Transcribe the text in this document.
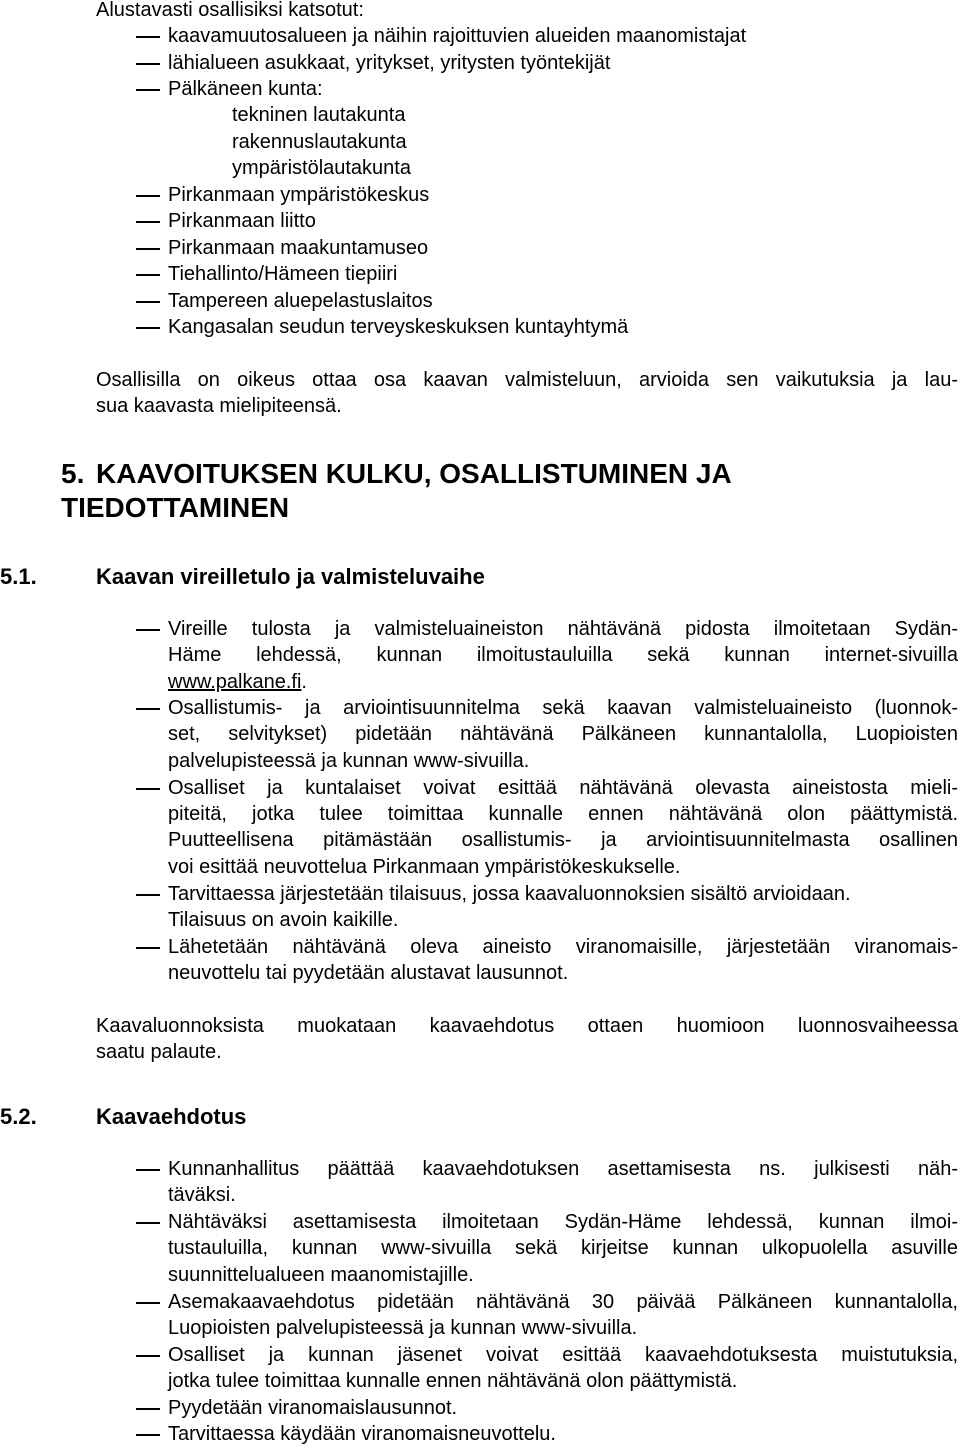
Alustavasti osallisiksi katsotut:
kaavamuutosalueen ja näihin rajoittuvien alueiden maanomistajat
lähialueen asukkaat, yritykset, yritysten työntekijät
Pälkäneen kunta:
tekninen lautakunta
rakennuslautakunta
ympäristölautakunta
Pirkanmaan ympäristökeskus
Pirkanmaan liitto
Pirkanmaan maakuntamuseo
Tiehallinto/Hämeen tiepiiri
Tampereen aluepelastuslaitos
Kangasalan seudun terveyskeskuksen kuntayhtymä
Osallisilla on oikeus ottaa osa kaavan valmisteluun, arvioida sen vaikutuksia ja lau-
sua kaavasta mielipiteensä.
5. KAAVOITUKSEN KULKU, OSALLISTUMINEN JA
TIEDOTTAMINEN
5.1.	Kaavan vireilletulo ja valmisteluvaihe
Vireille tulosta ja valmisteluaineiston nähtävänä pidosta ilmoitetaan Sydän-
Häme lehdessä, kunnan ilmoitustauluilla sekä kunnan internet-sivuilla
www.palkane.fi.
Osallistumis- ja arviointisuunnitelma sekä kaavan valmisteluaineisto (luonnok-
set, selvitykset) pidetään nähtävänä Pälkäneen kunnantalolla, Luopioisten
palvelupisteessä ja kunnan www-sivuilla.
Osalliset ja kuntalaiset voivat esittää nähtävänä olevasta aineistosta mieli-
piteitä, jotka tulee toimittaa kunnalle ennen nähtävänä olon päättymistä.
Puutteellisena pitämästään osallistumis- ja arviointisuunnitelmasta osallinen
voi esittää neuvottelua Pirkanmaan ympäristökeskukselle.
Tarvittaessa järjestetään tilaisuus, jossa kaavaluonnoksien sisältö arvioidaan.
Tilaisuus on avoin kaikille.
Lähetetään nähtävänä oleva aineisto viranomaisille, järjestetään viranomais-
neuvottelu tai pyydetään alustavat lausunnot.
Kaavaluonnoksista muokataan kaavaehdotus ottaen huomioon luonnosvaiheessa
saatu palaute.
5.2.	Kaavaehdotus
Kunnanhallitus päättää kaavaehdotuksen asettamisesta ns. julkisesti näh-
täväksi.
Nähtäväksi asettamisesta ilmoitetaan Sydän-Häme lehdessä, kunnan ilmoi-
tustauluilla, kunnan www-sivuilla sekä kirjeitse kunnan ulkopuolella asuville
suunnittelualueen maanomistajille.
Asemakaavaehdotus pidetään nähtävänä 30 päivää Pälkäneen kunnantalolla,
Luopioisten palvelupisteessä ja kunnan www-sivuilla.
Osalliset ja kunnan jäsenet voivat esittää kaavaehdotuksesta muistutuksia,
jotka tulee toimittaa kunnalle ennen nähtävänä olon päättymistä.
Pyydetään viranomaislausunnot.
Tarvittaessa käydään viranomaisneuvottelu.
